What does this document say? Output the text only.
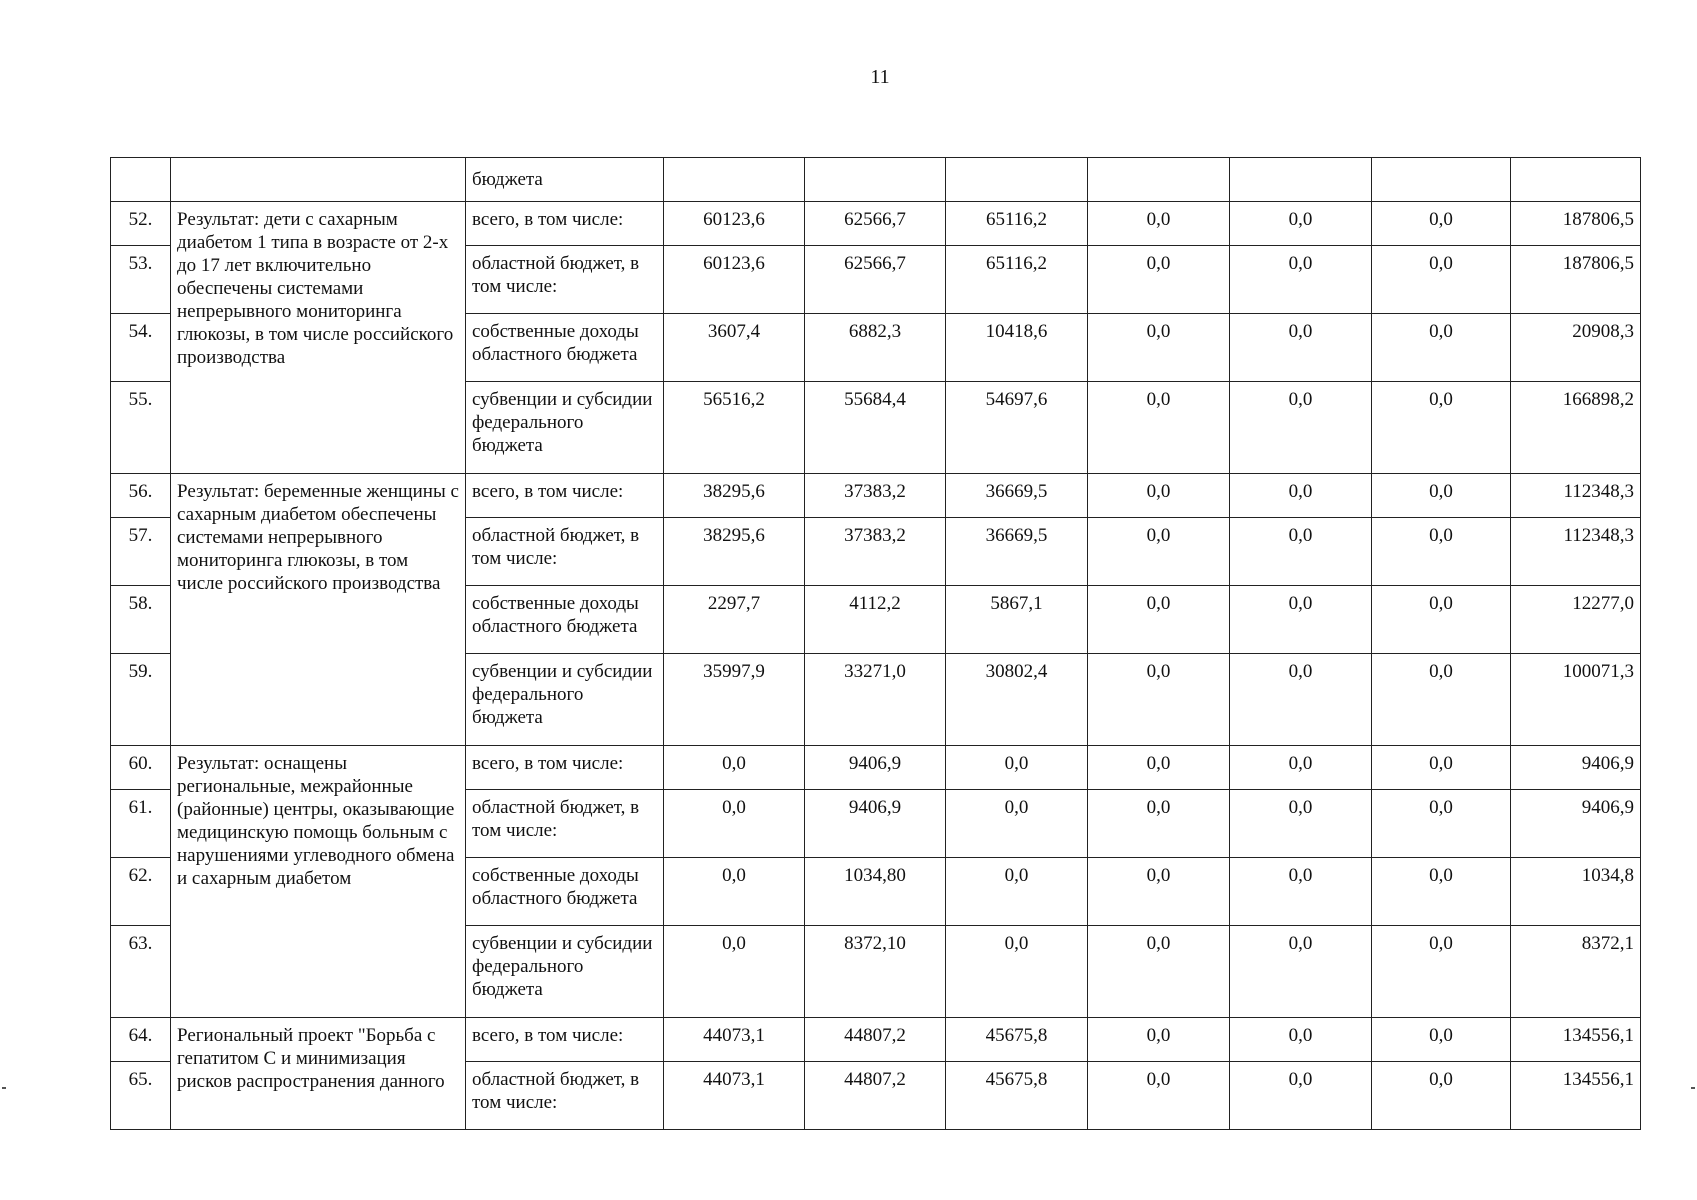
11
		бюджета							
52.	Результат: дети с сахарным диабетом 1 типа в возрасте от 2-х до 17 лет включительно обеспечены системами непрерывного мониторинга глюкозы, в том числе российского производства	всего, в том числе:	60123,6	62566,7	65116,2	0,0	0,0	0,0	187806,5
53.		областной бюджет, в том числе:	60123,6	62566,7	65116,2	0,0	0,0	0,0	187806,5
54.		собственные доходы областного бюджета	3607,4	6882,3	10418,6	0,0	0,0	0,0	20908,3
55.		субвенции и субсидии федерального бюджета	56516,2	55684,4	54697,6	0,0	0,0	0,0	166898,2
56.	Результат: беременные женщины с сахарным диабетом обеспечены системами непрерывного мониторинга глюкозы, в том числе российского производства	всего, в том числе:	38295,6	37383,2	36669,5	0,0	0,0	0,0	112348,3
57.		областной бюджет, в том числе:	38295,6	37383,2	36669,5	0,0	0,0	0,0	112348,3
58.		собственные доходы областного бюджета	2297,7	4112,2	5867,1	0,0	0,0	0,0	12277,0
59.		субвенции и субсидии федерального бюджета	35997,9	33271,0	30802,4	0,0	0,0	0,0	100071,3
60.	Результат: оснащены региональные, межрайонные (районные) центры, оказывающие медицинскую помощь больным с нарушениями углеводного обмена и сахарным диабетом	всего, в том числе:	0,0	9406,9	0,0	0,0	0,0	0,0	9406,9
61.		областной бюджет, в том числе:	0,0	9406,9	0,0	0,0	0,0	0,0	9406,9
62.		собственные доходы областного бюджета	0,0	1034,80	0,0	0,0	0,0	0,0	1034,8
63.		субвенции и субсидии федерального бюджета	0,0	8372,10	0,0	0,0	0,0	0,0	8372,1
64.	Региональный проект "Борьба с гепатитом С и минимизация рисков распространения данного	всего, в том числе:	44073,1	44807,2	45675,8	0,0	0,0	0,0	134556,1
65.		областной бюджет, в том числе:	44073,1	44807,2	45675,8	0,0	0,0	0,0	134556,1
